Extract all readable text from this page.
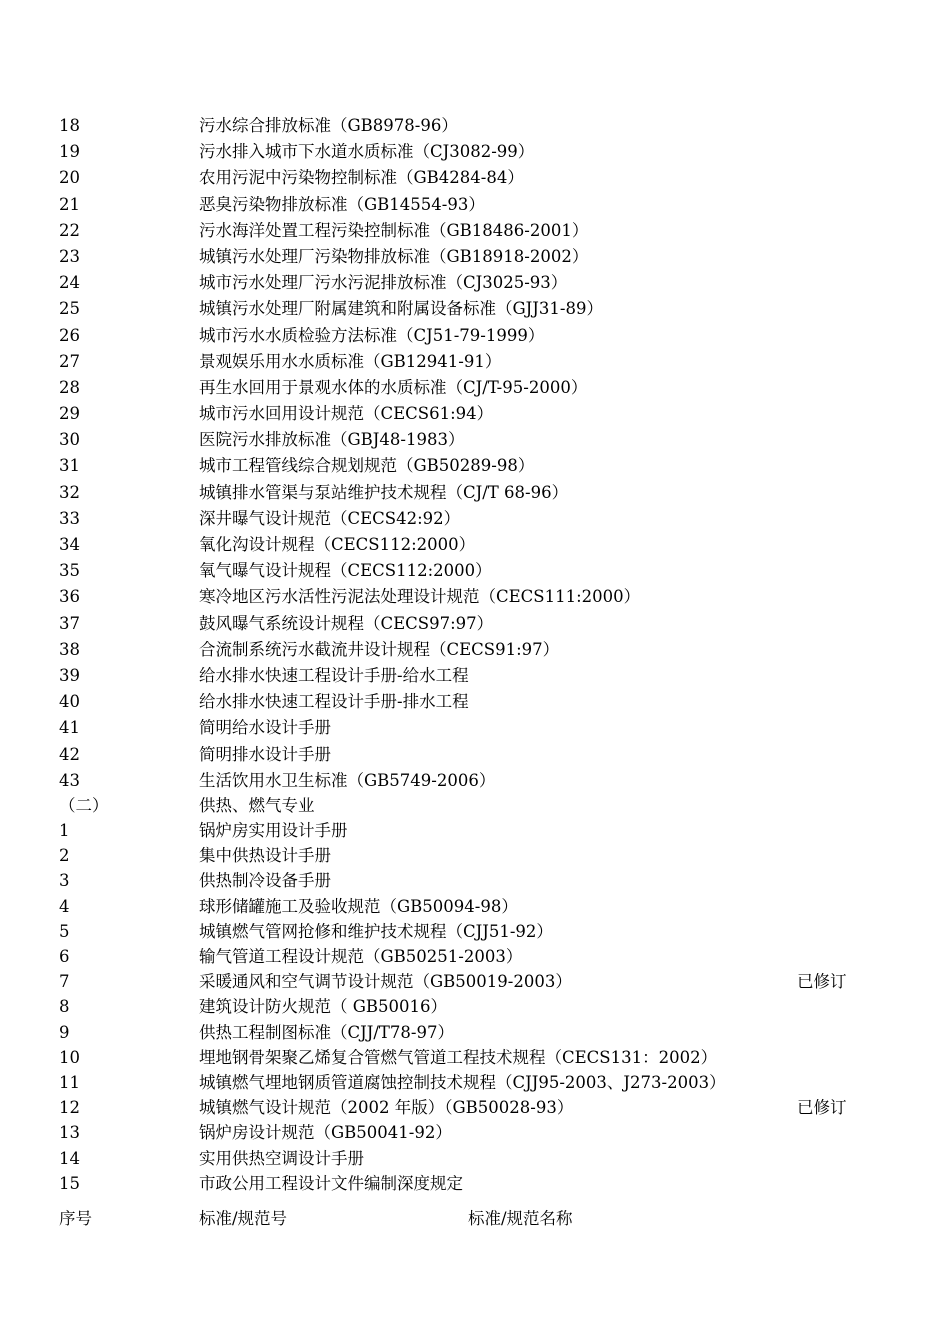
18	污水综合排放标准（GB8978-96）
19	污水排入城市下水道水质标准（CJ3082-99）
20	农用污泥中污染物控制标准（GB4284-84）
21	恶臭污染物排放标准（GB14554-93）
22	污水海洋处置工程污染控制标准（GB18486-2001）
23	城镇污水处理厂污染物排放标准（GB18918-2002）
24	城市污水处理厂污水污泥排放标准（CJ3025-93）
25	城镇污水处理厂附属建筑和附属设备标准（GJJ31-89）
26	城市污水水质检验方法标准（CJ51-79-1999）
27	景观娱乐用水水质标准（GB12941-91）
28	再生水回用于景观水体的水质标准（CJ/T-95-2000）
29	城市污水回用设计规范（CECS61:94）
30	医院污水排放标准（GBJ48-1983）
31	城市工程管线综合规划规范（GB50289-98）
32	城镇排水管渠与泵站维护技术规程（CJ/T 68-96）
33	深井曝气设计规范（CECS42:92）
34	氧化沟设计规程（CECS112:2000）
35	氧气曝气设计规程（CECS112:2000）
36	寒冷地区污水活性污泥法处理设计规范（CECS111:2000）
37	鼓风曝气系统设计规程（CECS97:97）
38	合流制系统污水截流井设计规程（CECS91:97）
39	给水排水快速工程设计手册-给水工程
40	给水排水快速工程设计手册-排水工程
41	简明给水设计手册
42	简明排水设计手册
43	生活饮用水卫生标准（GB5749-2006）
（二）	供热、燃气专业
1	锅炉房实用设计手册
2	集中供热设计手册
3	供热制冷设备手册
4	球形储罐施工及验收规范（GB50094-98）
5	城镇燃气管网抢修和维护技术规程（CJJ51-92）
6	输气管道工程设计规范（GB50251-2003）
7	采暖通风和空气调节设计规范（GB50019-2003）	已修订
8	建筑设计防火规范（ GB50016）
9	供热工程制图标准（CJJ/T78-97）
10	埋地钢骨架聚乙烯复合管燃气管道工程技术规程（CECS131：2002）
11	城镇燃气埋地钢质管道腐蚀控制技术规程（CJJ95-2003、J273-2003）
12	城镇燃气设计规范（2002 年版）（GB50028-93）	已修订
13	锅炉房设计规范（GB50041-92）
14	实用供热空调设计手册
15	市政公用工程设计文件编制深度规定
序号	标准/规范号	标准/规范名称
